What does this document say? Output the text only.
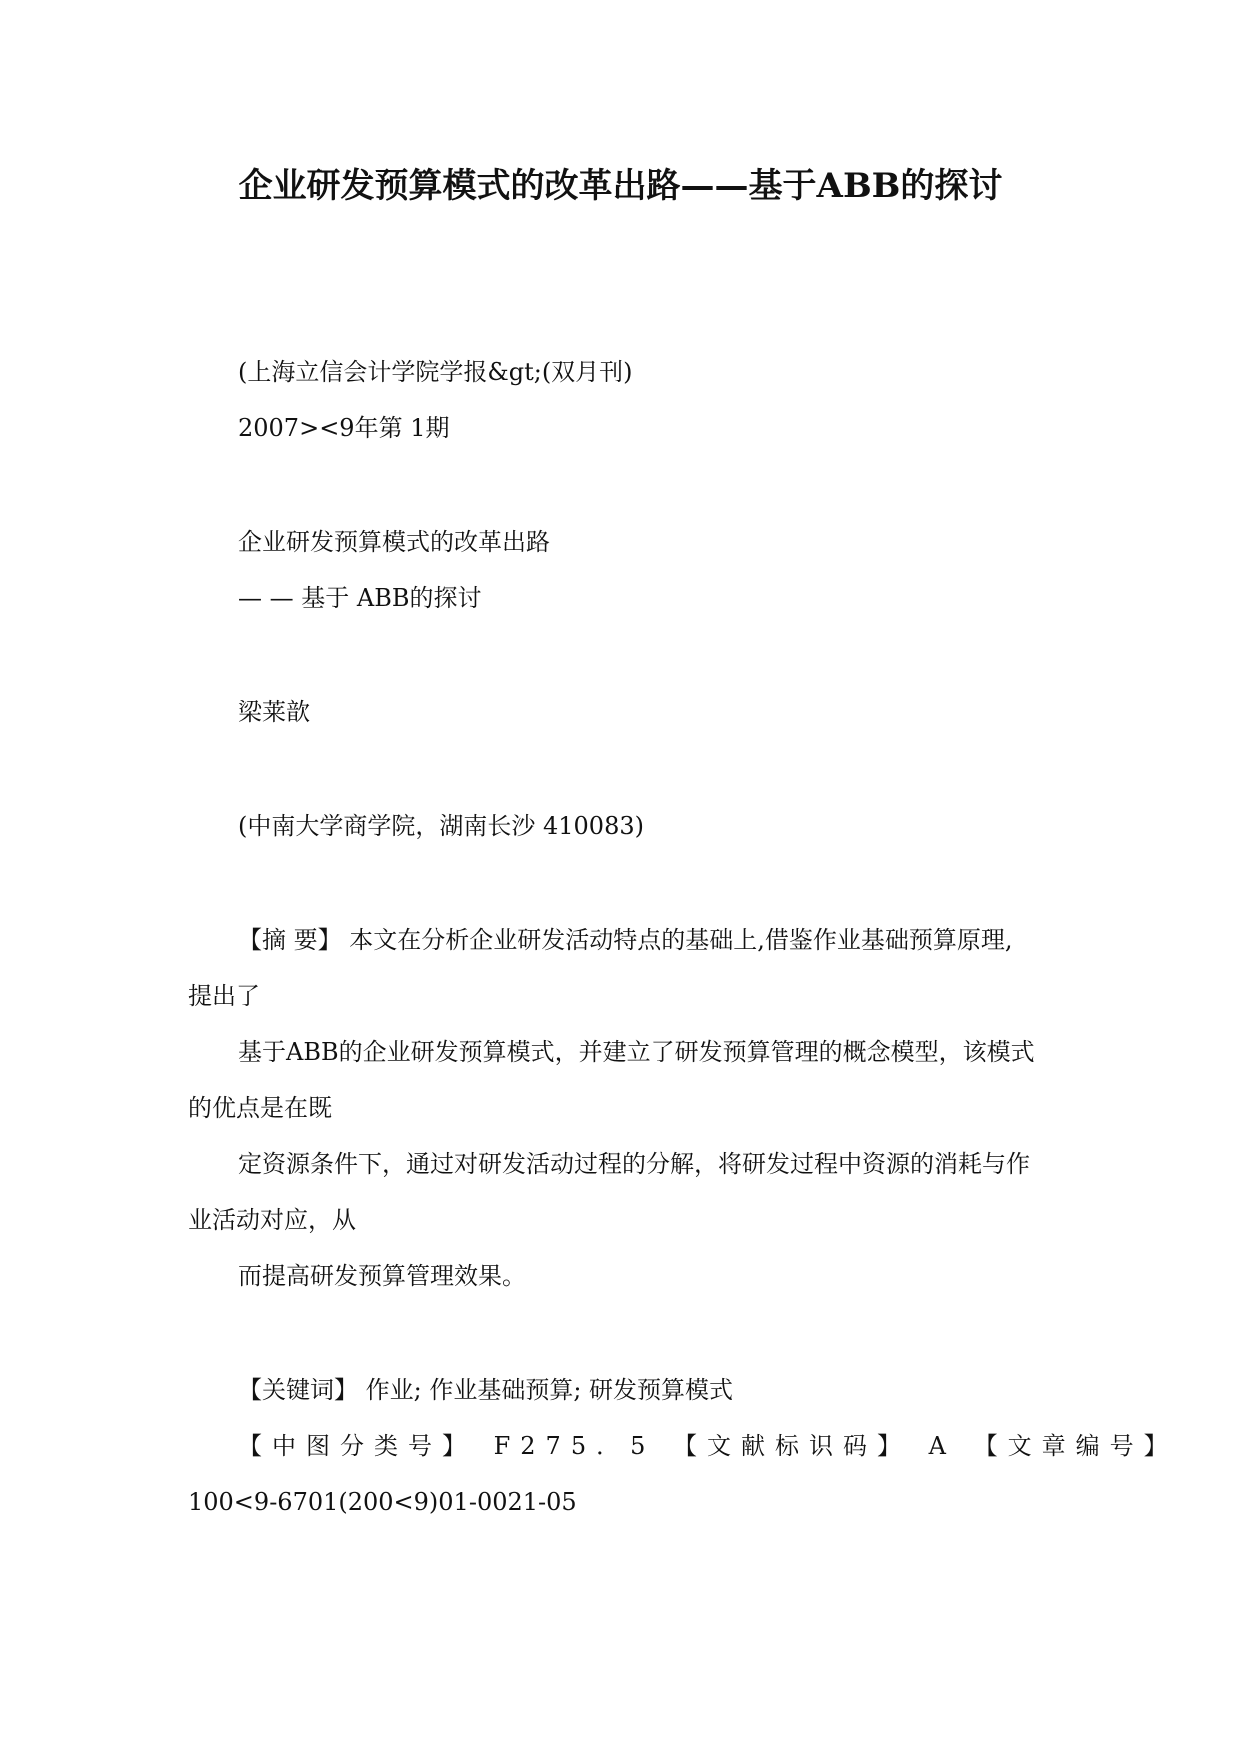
企业研发预算模式的改革出路——基于ABB的探讨
(上海立信会计学院学报&gt;(双月刊)
2007><9年第 1期
企业研发预算模式的改革出路
— — 基于 ABB的探讨
梁莱歆
(中南大学商学院，湖南长沙 410083)
【摘 要】 本文在分析企业研发活动特点的基础上,借鉴作业基础预算原理,
提出了
基于ABB的企业研发预算模式，并建立了研发预算管理的概念模型，该模式
的优点是在既
定资源条件下，通过对研发活动过程的分解，将研发过程中资源的消耗与作
业活动对应，从
而提高研发预算管理效果。
【关键词】 作业; 作业基础预算; 研发预算模式
【中图分类号】 F275．5 【文献标识码】 A 【文章编号】
100<9-6701(200<9)01-0021-05
